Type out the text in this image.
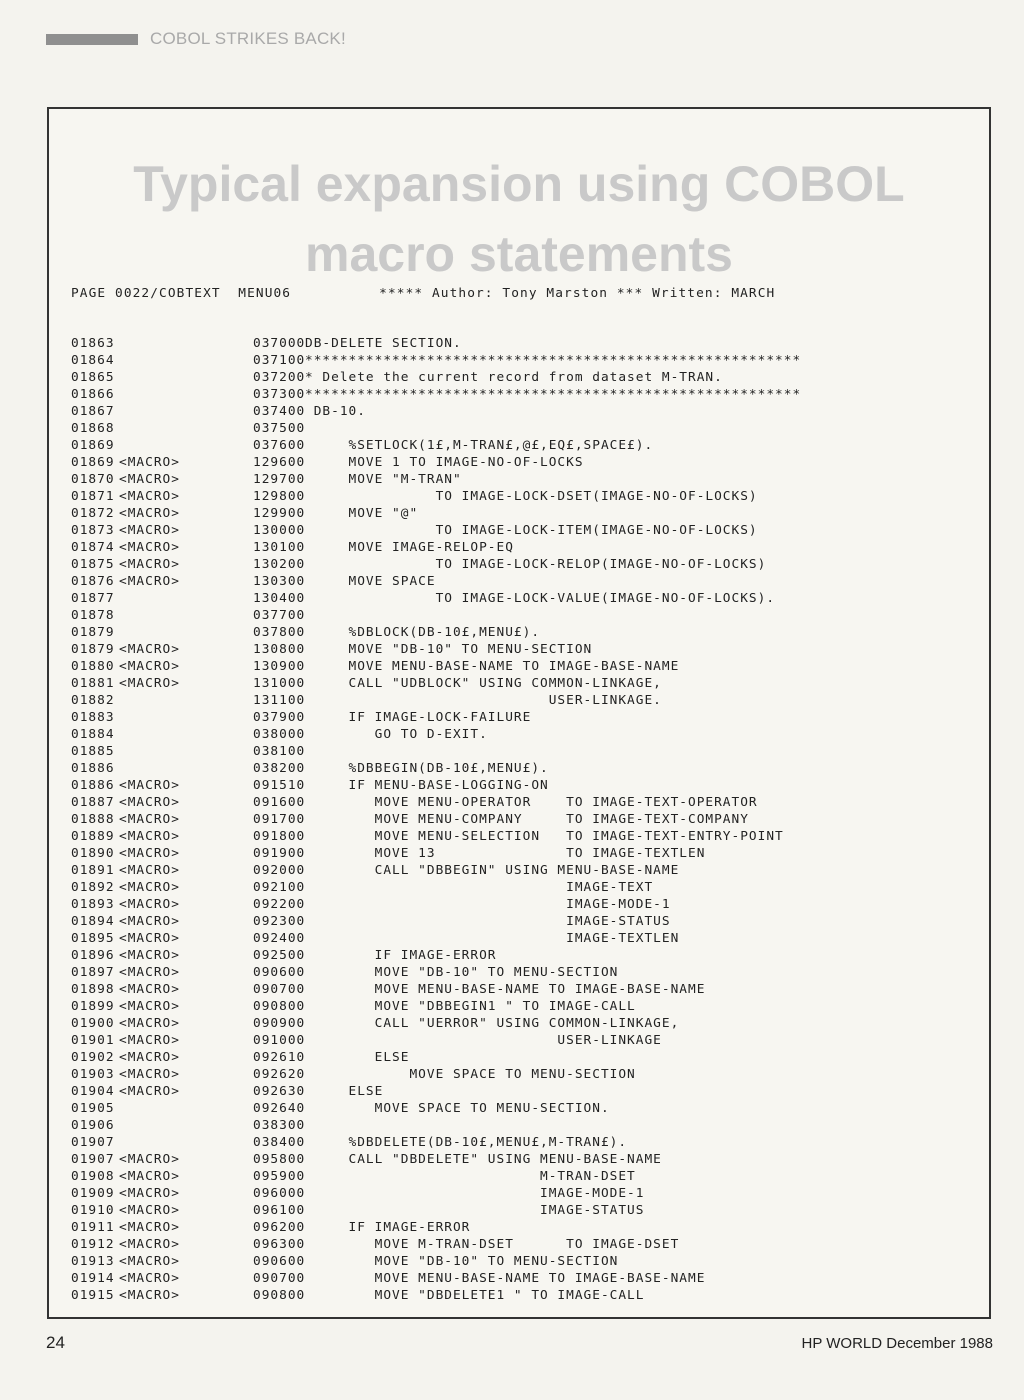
COBOL STRIKES BACK!
Typical expansion using COBOL
macro statements
PAGE 0022/COBTEXT  MENU06          ***** Author: Tony Marston *** Written: MARCH
01863	037000 DB-DELETE SECTION.
01864	037100 *********************************************************
01865	037200 * Delete the current record from dataset M-TRAN.
01866	037300 *********************************************************
01867	037400 DB-10.
01868	037500
01869	037600 %SETLOCK(1£,M-TRAN£,@£,EQ£,SPACE£).
01869 <MACRO>	129600 MOVE 1 TO IMAGE-NO-OF-LOCKS
01870 <MACRO>	129700 MOVE "M-TRAN"
01871 <MACRO>	129800 TO IMAGE-LOCK-DSET(IMAGE-NO-OF-LOCKS)
01872 <MACRO>	129900 MOVE "@"
01873 <MACRO>	130000 TO IMAGE-LOCK-ITEM(IMAGE-NO-OF-LOCKS)
01874 <MACRO>	130100 MOVE IMAGE-RELOP-EQ
01875 <MACRO>	130200 TO IMAGE-LOCK-RELOP(IMAGE-NO-OF-LOCKS)
01876 <MACRO>	130300 MOVE SPACE
01877	130400 TO IMAGE-LOCK-VALUE(IMAGE-NO-OF-LOCKS).
01878	037700
01879	037800 %DBLOCK(DB-10£,MENU£).
01879 <MACRO>	130800 MOVE "DB-10" TO MENU-SECTION
01880 <MACRO>	130900 MOVE MENU-BASE-NAME TO IMAGE-BASE-NAME
01881 <MACRO>	131000 CALL "UDBLOCK" USING COMMON-LINKAGE,
01882	131100 USER-LINKAGE.
01883	037900 IF IMAGE-LOCK-FAILURE
01884	038000 GO TO D-EXIT.
01885	038100
01886	038200 %DBBEGIN(DB-10£,MENU£).
01886 <MACRO>	091510 IF MENU-BASE-LOGGING-ON
01887 <MACRO>	091600 MOVE MENU-OPERATOR    TO IMAGE-TEXT-OPERATOR
01888 <MACRO>	091700 MOVE MENU-COMPANY     TO IMAGE-TEXT-COMPANY
01889 <MACRO>	091800 MOVE MENU-SELECTION   TO IMAGE-TEXT-ENTRY-POINT
01890 <MACRO>	091900 MOVE 13               TO IMAGE-TEXTLEN
01891 <MACRO>	092000 CALL "DBBEGIN" USING MENU-BASE-NAME
01892 <MACRO>	092100 IMAGE-TEXT
01893 <MACRO>	092200 IMAGE-MODE-1
01894 <MACRO>	092300 IMAGE-STATUS
01895 <MACRO>	092400 IMAGE-TEXTLEN
01896 <MACRO>	092500 IF IMAGE-ERROR
01897 <MACRO>	090600 MOVE "DB-10" TO MENU-SECTION
01898 <MACRO>	090700 MOVE MENU-BASE-NAME TO IMAGE-BASE-NAME
01899 <MACRO>	090800 MOVE "DBBEGIN1 " TO IMAGE-CALL
01900 <MACRO>	090900 CALL "UERROR" USING COMMON-LINKAGE,
01901 <MACRO>	091000 USER-LINKAGE
01902 <MACRO>	092610 ELSE
01903 <MACRO>	092620 MOVE SPACE TO MENU-SECTION
01904 <MACRO>	092630 ELSE
01905	092640 MOVE SPACE TO MENU-SECTION.
01906	038300
01907	038400 %DBDELETE(DB-10£,MENU£,M-TRAN£).
01907 <MACRO>	095800 CALL "DBDELETE" USING MENU-BASE-NAME
01908 <MACRO>	095900 M-TRAN-DSET
01909 <MACRO>	096000 IMAGE-MODE-1
01910 <MACRO>	096100 IMAGE-STATUS
01911 <MACRO>	096200 IF IMAGE-ERROR
01912 <MACRO>	096300 MOVE M-TRAN-DSET      TO IMAGE-DSET
01913 <MACRO>	090600 MOVE "DB-10" TO MENU-SECTION
01914 <MACRO>	090700 MOVE MENU-BASE-NAME TO IMAGE-BASE-NAME
01915 <MACRO>	090800 MOVE "DBDELETE1 " TO IMAGE-CALL
24	HP WORLD December 1988
